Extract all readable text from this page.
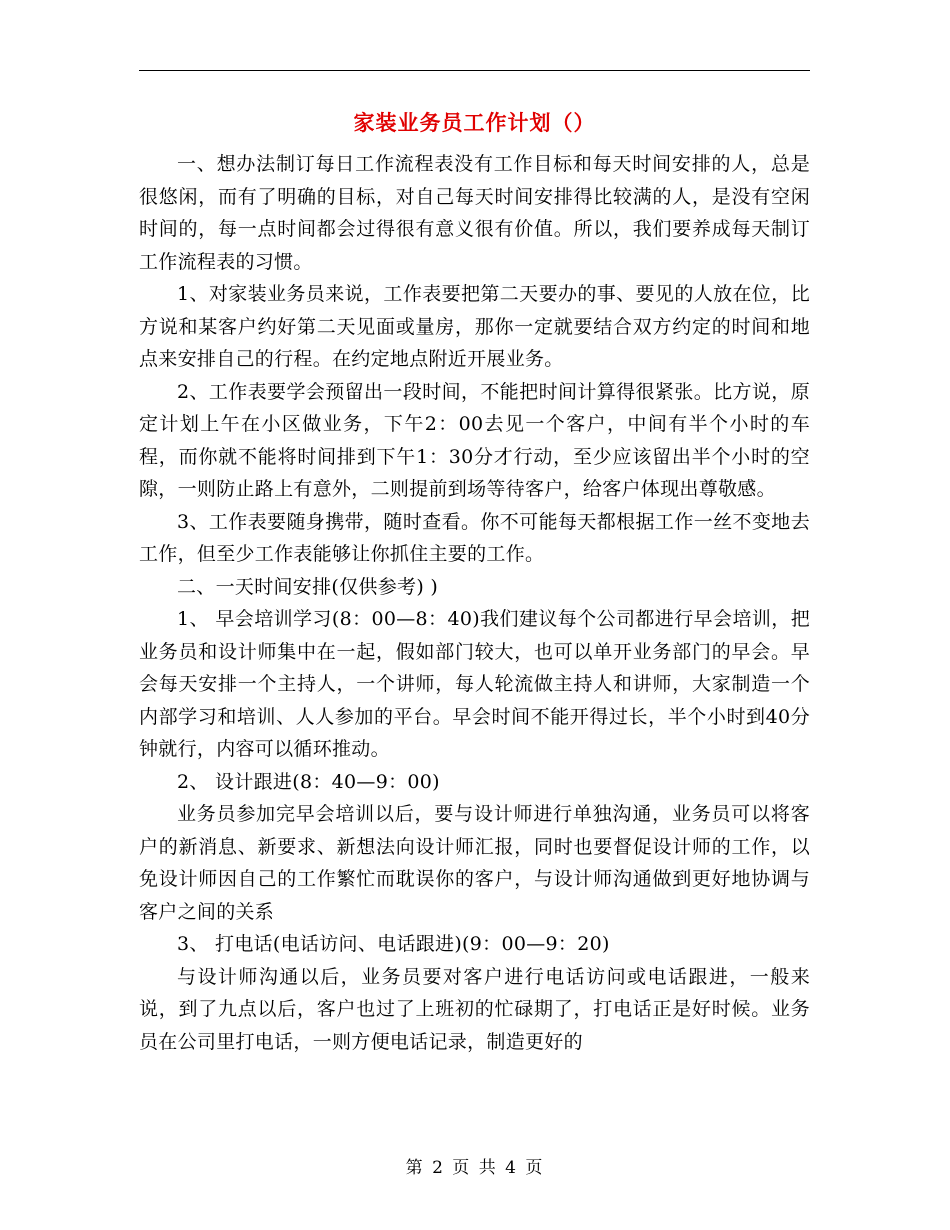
家装业务员工作计划（）

一、想办法制订每日工作流程表没有工作目标和每天时间安排的人，总是很悠闲，而有了明确的目标，对自己每天时间安排得比较满的人，是没有空闲时间的，每一点时间都会过得很有意义很有价值。所以，我们要养成每天制订工作流程表的习惯。

1、对家装业务员来说，工作表要把第二天要办的事、要见的人放在位，比方说和某客户约好第二天见面或量房，那你一定就要结合双方约定的时间和地点来安排自己的行程。在约定地点附近开展业务。

2、工作表要学会预留出一段时间，不能把时间计算得很紧张。比方说，原定计划上午在小区做业务，下午2：00去见一个客户，中间有半个小时的车程，而你就不能将时间排到下午1：30分才行动，至少应该留出半个小时的空隙，一则防止路上有意外，二则提前到场等待客户，给客户体现出尊敬感。

3、工作表要随身携带，随时查看。你不可能每天都根据工作一丝不变地去工作，但至少工作表能够让你抓住主要的工作。

二、一天时间安排(仅供参考) )

1、 早会培训学习(8：00—8：40)我们建议每个公司都进行早会培训，把业务员和设计师集中在一起，假如部门较大，也可以单开业务部门的早会。早会每天安排一个主持人，一个讲师，每人轮流做主持人和讲师，大家制造一个内部学习和培训、人人参加的平台。早会时间不能开得过长，半个小时到40分钟就行，内容可以循环推动。

2、 设计跟进(8：40—9：00)

业务员参加完早会培训以后，要与设计师进行单独沟通，业务员可以将客户的新消息、新要求、新想法向设计师汇报，同时也要督促设计师的工作，以免设计师因自己的工作繁忙而耽误你的客户，与设计师沟通做到更好地协调与客户之间的关系

3、 打电话(电话访问、电话跟进)(9：00—9：20)

与设计师沟通以后，业务员要对客户进行电话访问或电话跟进，一般来说，到了九点以后，客户也过了上班初的忙碌期了，打电话正是好时候。业务员在公司里打电话，一则方便电话记录，制造更好的

第 2 页 共 4 页
